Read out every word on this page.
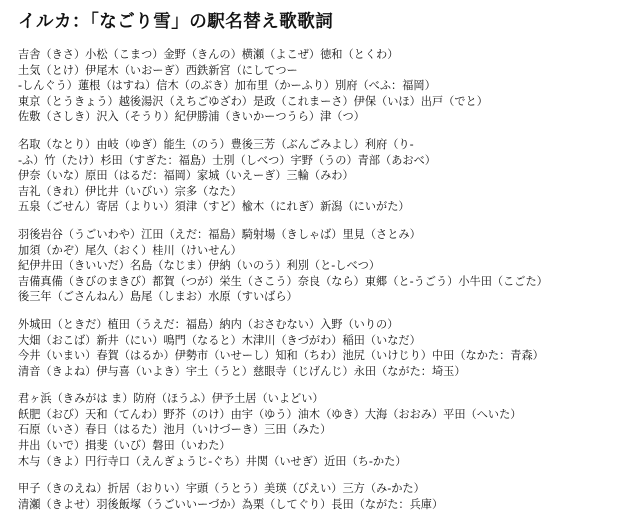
イルカ：「なごり雪」の駅名替え歌歌詞
吉舎（きさ）小松（こまつ）金野（きんの）横瀬（よこぜ）徳和（とくわ）
土気（とけ）伊尾木（いおーぎ）西鉄新宮（にしてつー
-しんぐう）蓮根（はすね）信木（のぶき）加布里（かーふり）別府（べふ：福岡）
東京（とうきょう）越後湯沢（えちごゆざわ）是政（これまーさ）伊保（いほ）出戸（でと）
佐敷（さしき）沢入（そうり）紀伊勝浦（きいかーつうら）津（つ）
名取（なとり）由岐（ゆぎ）能生（のう）豊後三芳（ぶんごみよし）利府（り-
-ふ）竹（たけ）杉田（すぎた：福島）士別（しべつ）宇野（うの）青部（あおべ）
伊奈（いな）原田（はるだ：福岡）家城（いえーぎ）三輪（みわ）
吉礼（きれ）伊比井（いびい）宗多（なた）
五泉（ごせん）寄居（よりい）須津（すど）楡木（にれぎ）新潟（にいがた）
羽後岩谷（うごいわや）江田（えだ：福島）騎射場（きしゃば）里見（さとみ）
加須（かぞ）尾久（おく）桂川（けいせん）
紀伊井田（きいいだ）名島（なじま）伊納（いのう）利別（と-しべつ）
吉備真備（きびのまきび）都賀（つが）栄生（さこう）奈良（なら）東郷（と-うごう）小牛田（こごた）
後三年（ごさんねん）島尾（しまお）水原（すいばら）
外城田（ときだ）植田（うえだ：福島）納内（おさむない）入野（いりの）
大畑（おこば）新井（にい）鳴門（なると）木津川（きづがわ）稲田（いなだ）
今井（いまい）春賀（はるか）伊勢市（いせーし）知和（ちわ）池尻（いけじり）中田（なかた：青森）
清音（きよね）伊与喜（いよき）宇土（うと）慈眼寺（じげんじ）永田（ながた：埼玉）
君ヶ浜（きみがは ま）防府（ほうふ）伊予土居（いよどい）
飫肥（おび）天和（てんわ）野芥（のけ）由宇（ゆう）油木（ゆき）大海（おおみ）平田（へいた）
石原（いさ）春日（はるた）池月（いけづーき）三田（みた）
井出（いで）揖斐（いび）磐田（いわた）
木与（きよ）円行寺口（えんぎょうじ-ぐち）井関（いせぎ）近田（ち-かた）
甲子（きのえね）折居（おりい）宇頭（うとう）美瑛（びえい）三方（み-かた）
清瀬（きよせ）羽後飯塚（うごいいーづか）為栗（してぐり）長田（ながた：兵庫）
